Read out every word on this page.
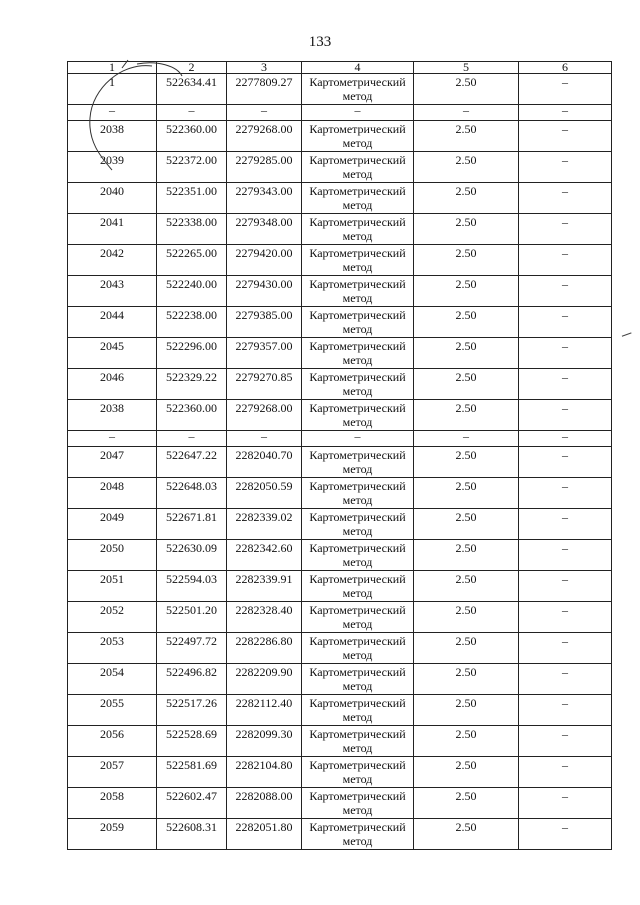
133
1	2	3	4	5	6
1	522634.41	2277809.27	Картометрический метод	2.50	–
–	–	–	–	–	–
2038	522360.00	2279268.00	Картометрический метод	2.50	–
2039	522372.00	2279285.00	Картометрический метод	2.50	–
2040	522351.00	2279343.00	Картометрический метод	2.50	–
2041	522338.00	2279348.00	Картометрический метод	2.50	–
2042	522265.00	2279420.00	Картометрический метод	2.50	–
2043	522240.00	2279430.00	Картометрический метод	2.50	–
2044	522238.00	2279385.00	Картометрический метод	2.50	–
2045	522296.00	2279357.00	Картометрический метод	2.50	–
2046	522329.22	2279270.85	Картометрический метод	2.50	–
2038	522360.00	2279268.00	Картометрический метод	2.50	–
–	–	–	–	–	–
2047	522647.22	2282040.70	Картометрический метод	2.50	–
2048	522648.03	2282050.59	Картометрический метод	2.50	–
2049	522671.81	2282339.02	Картометрический метод	2.50	–
2050	522630.09	2282342.60	Картометрический метод	2.50	–
2051	522594.03	2282339.91	Картометрический метод	2.50	–
2052	522501.20	2282328.40	Картометрический метод	2.50	–
2053	522497.72	2282286.80	Картометрический метод	2.50	–
2054	522496.82	2282209.90	Картометрический метод	2.50	–
2055	522517.26	2282112.40	Картометрический метод	2.50	–
2056	522528.69	2282099.30	Картометрический метод	2.50	–
2057	522581.69	2282104.80	Картометрический метод	2.50	–
2058	522602.47	2282088.00	Картометрический метод	2.50	–
2059	522608.31	2282051.80	Картометрический метод	2.50	–
